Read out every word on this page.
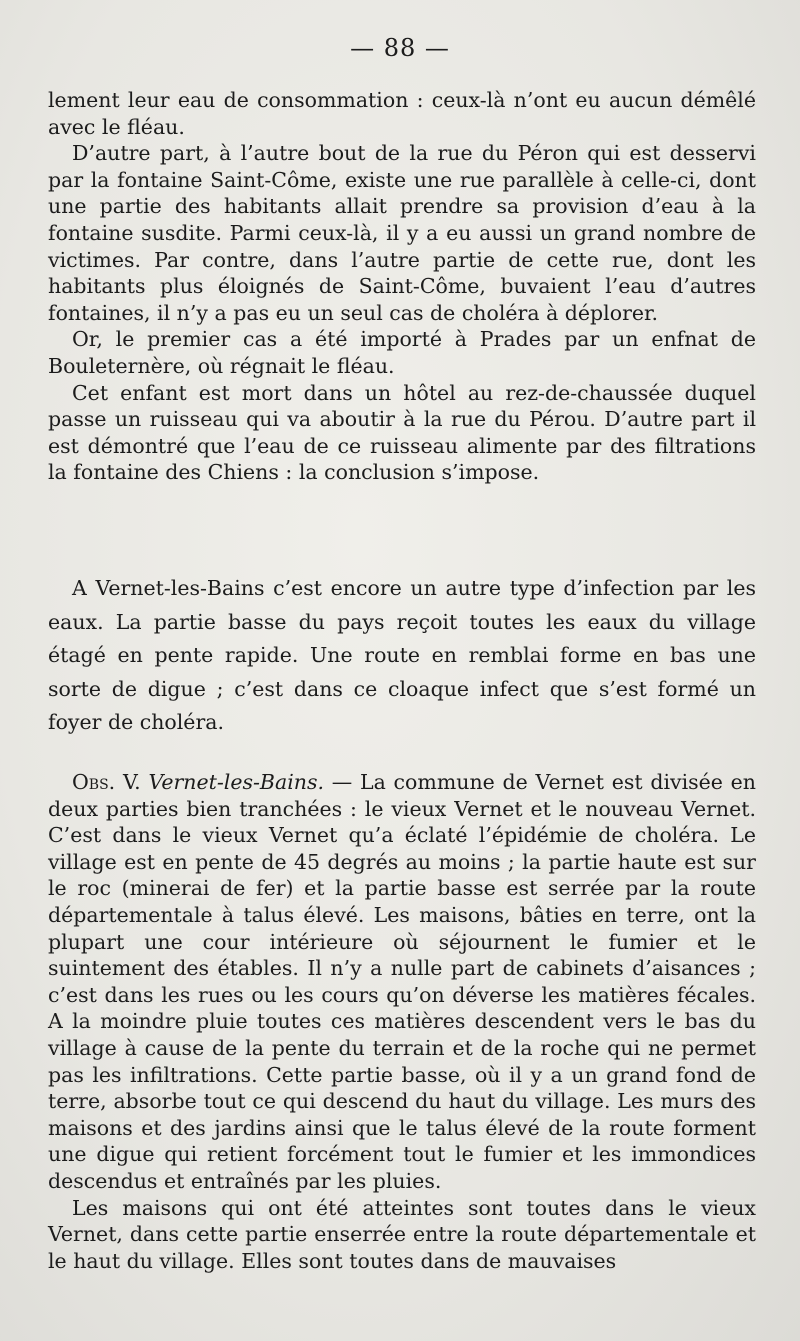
— 88 —

lement leur eau de consommation : ceux-là n’ont eu aucun démêlé avec le fléau.

D’autre part, à l’autre bout de la rue du Péron qui est desservi par la fontaine Saint-Côme, existe une rue parallèle à celle-ci, dont une partie des habitants allait prendre sa provision d’eau à la fontaine susdite. Parmi ceux-là, il y a eu aussi un grand nombre de victimes. Par contre, dans l’autre partie de cette rue, dont les habitants plus éloignés de Saint-Côme, buvaient l’eau d’autres fontaines, il n’y a pas eu un seul cas de choléra à déplorer.

Or, le premier cas a été importé à Prades par un enfnat de Bouleternère, où régnait le fléau.

Cet enfant est mort dans un hôtel au rez-de-chaussée duquel passe un ruisseau qui va aboutir à la rue du Pérou. D’autre part il est démontré que l’eau de ce ruisseau alimente par des filtrations la fontaine des Chiens : la conclusion s’impose.

A Vernet-les-Bains c’est encore un autre type d’infection par les eaux. La partie basse du pays reçoit toutes les eaux du village étagé en pente rapide. Une route en remblai forme en bas une sorte de digue ; c’est dans ce cloaque infect que s’est formé un foyer de choléra.

Obs. V. Vernet-les-Bains. — La commune de Vernet est divisée en deux parties bien tranchées : le vieux Vernet et le nouveau Vernet. C’est dans le vieux Vernet qu’a éclaté l’épidémie de choléra. Le village est en pente de 45 degrés au moins ; la partie haute est sur le roc (minerai de fer) et la partie basse est serrée par la route départementale à talus élevé. Les maisons, bâties en terre, ont la plupart une cour intérieure où séjournent le fumier et le suintement des étables. Il n’y a nulle part de cabinets d’aisances ; c’est dans les rues ou les cours qu’on déverse les matières fécales. A la moindre pluie toutes ces matières descendent vers le bas du village à cause de la pente du terrain et de la roche qui ne permet pas les infiltrations. Cette partie basse, où il y a un grand fond de terre, absorbe tout ce qui descend du haut du village. Les murs des maisons et des jardins ainsi que le talus élevé de la route forment une digue qui retient forcément tout le fumier et les immondices descendus et entraînés par les pluies.

Les maisons qui ont été atteintes sont toutes dans le vieux Vernet, dans cette partie enserrée entre la route départementale et le haut du village. Elles sont toutes dans de mauvaises
